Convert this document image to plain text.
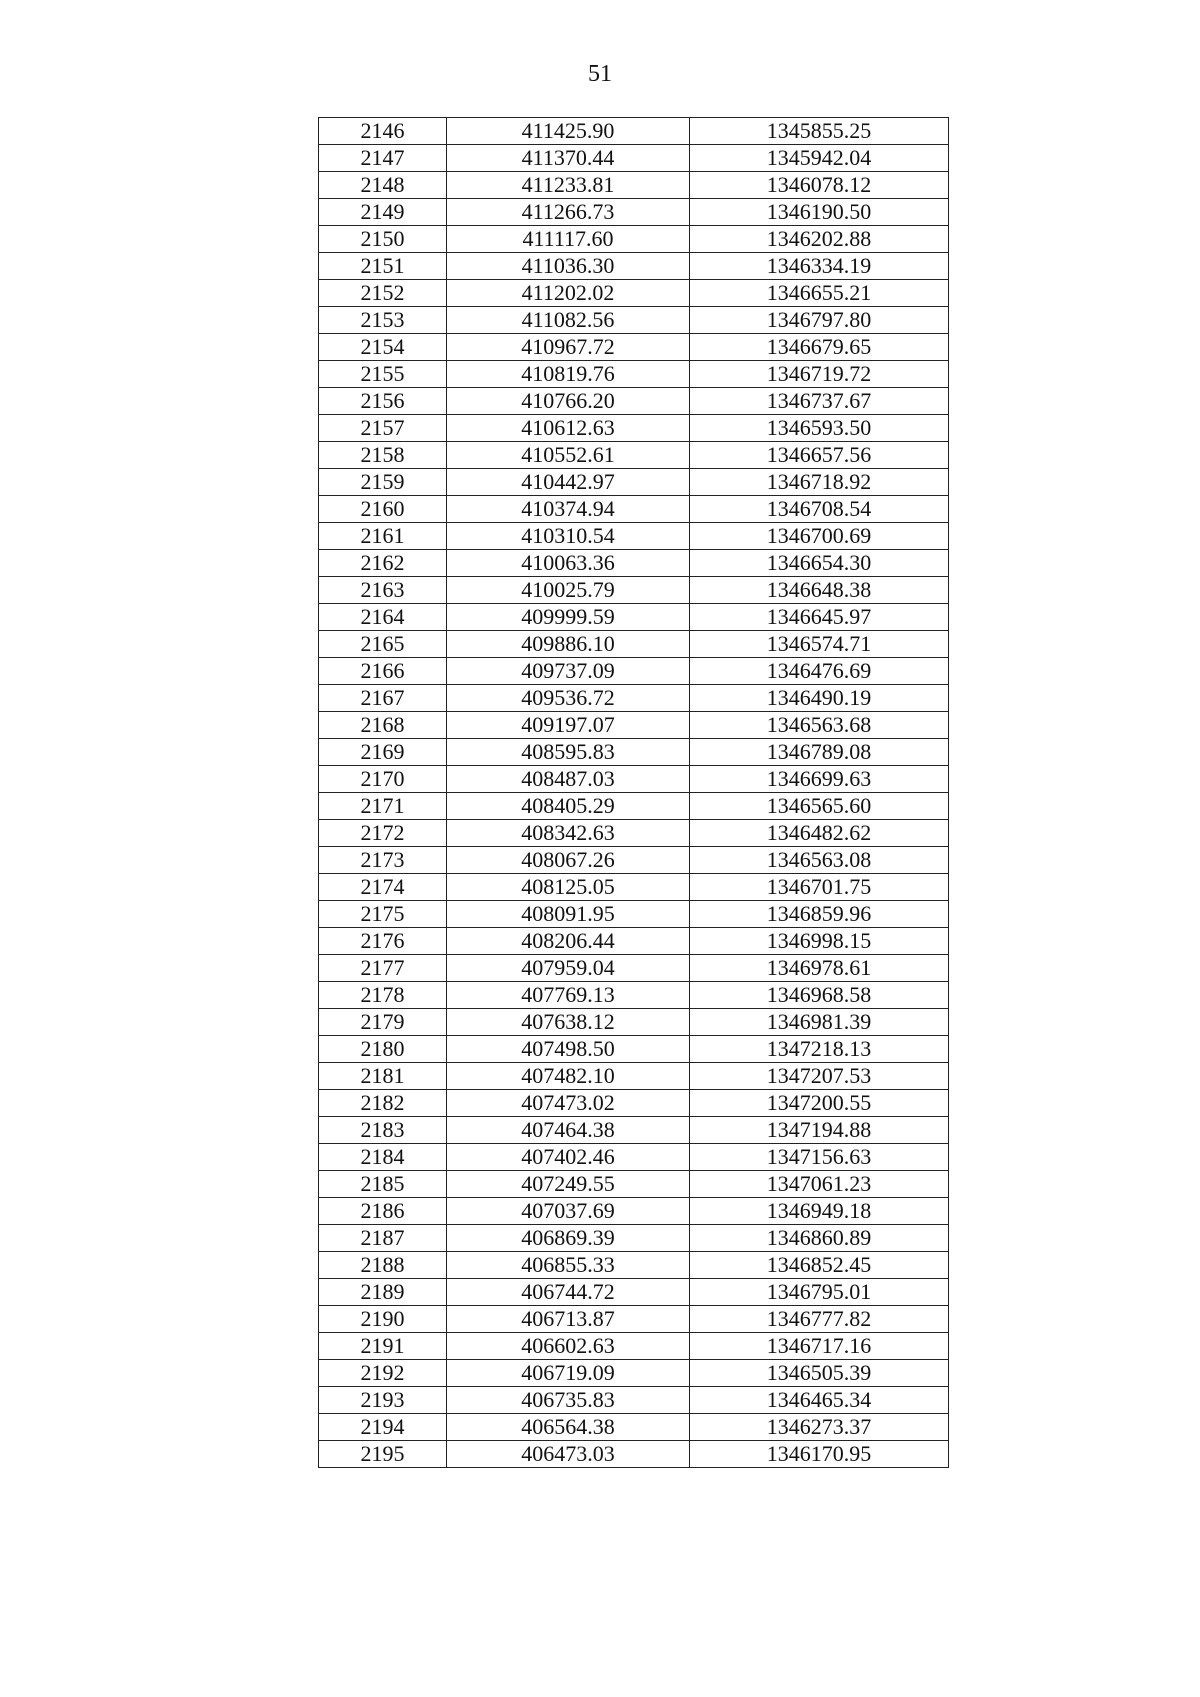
51
2146	411425.90	1345855.25
2147	411370.44	1345942.04
2148	411233.81	1346078.12
2149	411266.73	1346190.50
2150	411117.60	1346202.88
2151	411036.30	1346334.19
2152	411202.02	1346655.21
2153	411082.56	1346797.80
2154	410967.72	1346679.65
2155	410819.76	1346719.72
2156	410766.20	1346737.67
2157	410612.63	1346593.50
2158	410552.61	1346657.56
2159	410442.97	1346718.92
2160	410374.94	1346708.54
2161	410310.54	1346700.69
2162	410063.36	1346654.30
2163	410025.79	1346648.38
2164	409999.59	1346645.97
2165	409886.10	1346574.71
2166	409737.09	1346476.69
2167	409536.72	1346490.19
2168	409197.07	1346563.68
2169	408595.83	1346789.08
2170	408487.03	1346699.63
2171	408405.29	1346565.60
2172	408342.63	1346482.62
2173	408067.26	1346563.08
2174	408125.05	1346701.75
2175	408091.95	1346859.96
2176	408206.44	1346998.15
2177	407959.04	1346978.61
2178	407769.13	1346968.58
2179	407638.12	1346981.39
2180	407498.50	1347218.13
2181	407482.10	1347207.53
2182	407473.02	1347200.55
2183	407464.38	1347194.88
2184	407402.46	1347156.63
2185	407249.55	1347061.23
2186	407037.69	1346949.18
2187	406869.39	1346860.89
2188	406855.33	1346852.45
2189	406744.72	1346795.01
2190	406713.87	1346777.82
2191	406602.63	1346717.16
2192	406719.09	1346505.39
2193	406735.83	1346465.34
2194	406564.38	1346273.37
2195	406473.03	1346170.95
